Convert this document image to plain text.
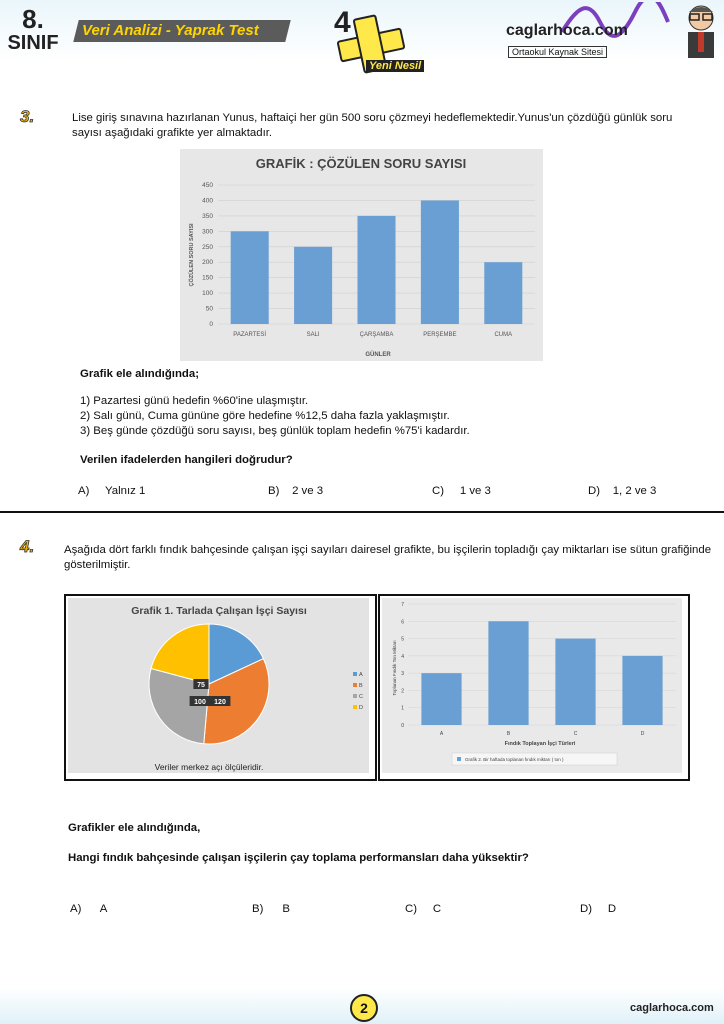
8.
SINIF
Veri Analizi - Yaprak Test	4
Yeni Nesil
caglarhoca.com
Ortaokul Kaynak Sitesi
3.	Lise giriş sınavına hazırlanan Yunus, haftaiçi her gün 500 soru çözmeyi hedeflemektedir.Yunus'un çözdüğü günlük soru sayısı aşağıdaki grafikte yer almaktadır.
GRAFİK : ÇÖZÜLEN SORU SAYISI
0
50
100
150
200
250
300
350
400
450
PAZARTESİ	SALI	ÇARŞAMBA	PERŞEMBE	CUMA
GÜNLER
ÇÖZÜLEN SORU SAYISI
Grafik ele alındığında;
1) Pazartesi günü hedefin %60'ine ulaşmıştır.
2) Salı günü, Cuma gününe göre hedefine %12,5 daha fazla yaklaşmıştır.
3) Beş günde çözdüğü soru sayısı, beş günlük toplam hedefin %75'i kadardır.
Verilen ifadelerden hangileri doğrudur?
A) Yalnız 1	B) 2 ve 3	C) 1 ve 3	D) 1, 2 ve 3
4.	Aşağıda dört farklı fındık bahçesinde çalışan işçi sayıları dairesel grafikte, bu işçilerin topladığı çay miktarları ise sütun grafiğinde gösterilmiştir.
Grafik 1. Tarlada Çalışan İşçi Sayısı
120
100
75
A
B
C
D
Veriler merkez açı ölçüleridir.
0
1
2
3
4
5
6
7
A	B	C	D
Fındık Toplayan İşçi Türleri
Toplanan Fındık Ton Miktarı
Grafik 2. Bir haftada toplanan fındık miktarı ( ton )
Grafikler ele alındığında,
Hangi fındık bahçesinde çalışan işçilerin çay toplama performansları daha yüksektir?
A) A	B) B	C) C	D) D
2	caglarhoca.com
